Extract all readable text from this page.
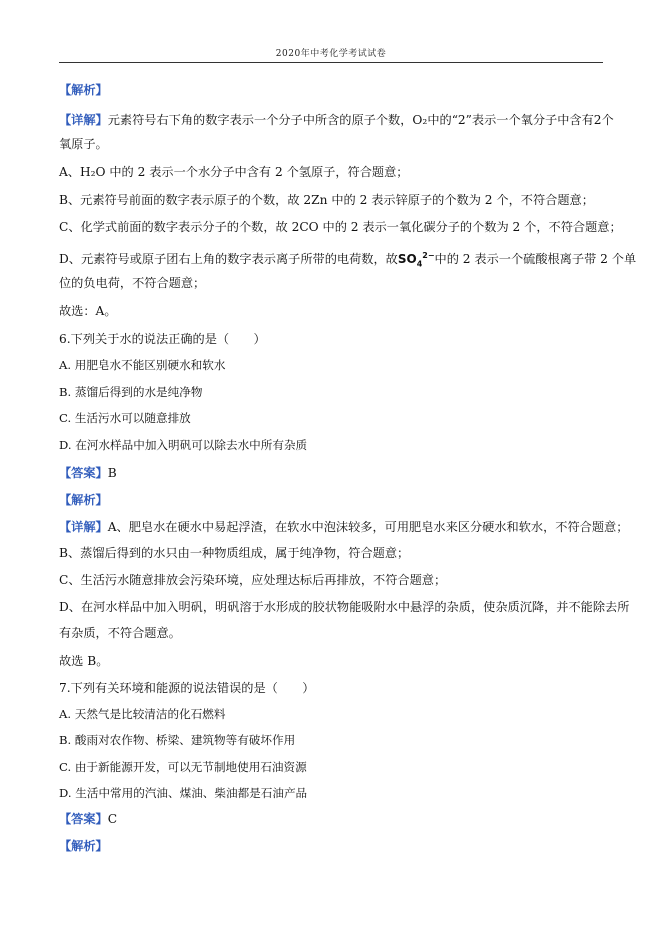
2020年中考化学考试试卷
【解析】
【详解】元素符号右下角的数字表示一个分子中所含的原子个数，O₂中的“2”表示一个氧分子中含有2个
氧原子。
A、H₂O 中的 2 表示一个水分子中含有 2 个氢原子，符合题意；
B、元素符号前面的数字表示原子的个数，故 2Zn 中的 2 表示锌原子的个数为 2 个，不符合题意；
C、化学式前面的数字表示分子的个数，故 2CO 中的 2 表示一氧化碳分子的个数为 2 个，不符合题意；
D、元素符号或原子团右上角的数字表示离子所带的电荷数，故$SO_4^{2-}$中的 2 表示一个硫酸根离子带 2 个单
位的负电荷，不符合题意；
故选：A。
6.下列关于水的说法正确的是（　　）
A. 用肥皂水不能区别硬水和软水
B. 蒸馏后得到的水是纯净物
C. 生活污水可以随意排放
D. 在河水样品中加入明矾可以除去水中所有杂质
【答案】B
【解析】
【详解】A、肥皂水在硬水中易起浮渣，在软水中泡沫较多，可用肥皂水来区分硬水和软水，不符合题意；
B、蒸馏后得到的水只由一种物质组成，属于纯净物，符合题意；
C、生活污水随意排放会污染环境，应处理达标后再排放，不符合题意；
D、在河水样品中加入明矾，明矾溶于水形成的胶状物能吸附水中悬浮的杂质，使杂质沉降，并不能除去所
有杂质，不符合题意。
故选 B。
7.下列有关环境和能源的说法错误的是（　　）
A. 天然气是比较清洁的化石燃料
B. 酸雨对农作物、桥梁、建筑物等有破坏作用
C. 由于新能源开发，可以无节制地使用石油资源
D. 生活中常用的汽油、煤油、柴油都是石油产品
【答案】C
【解析】
